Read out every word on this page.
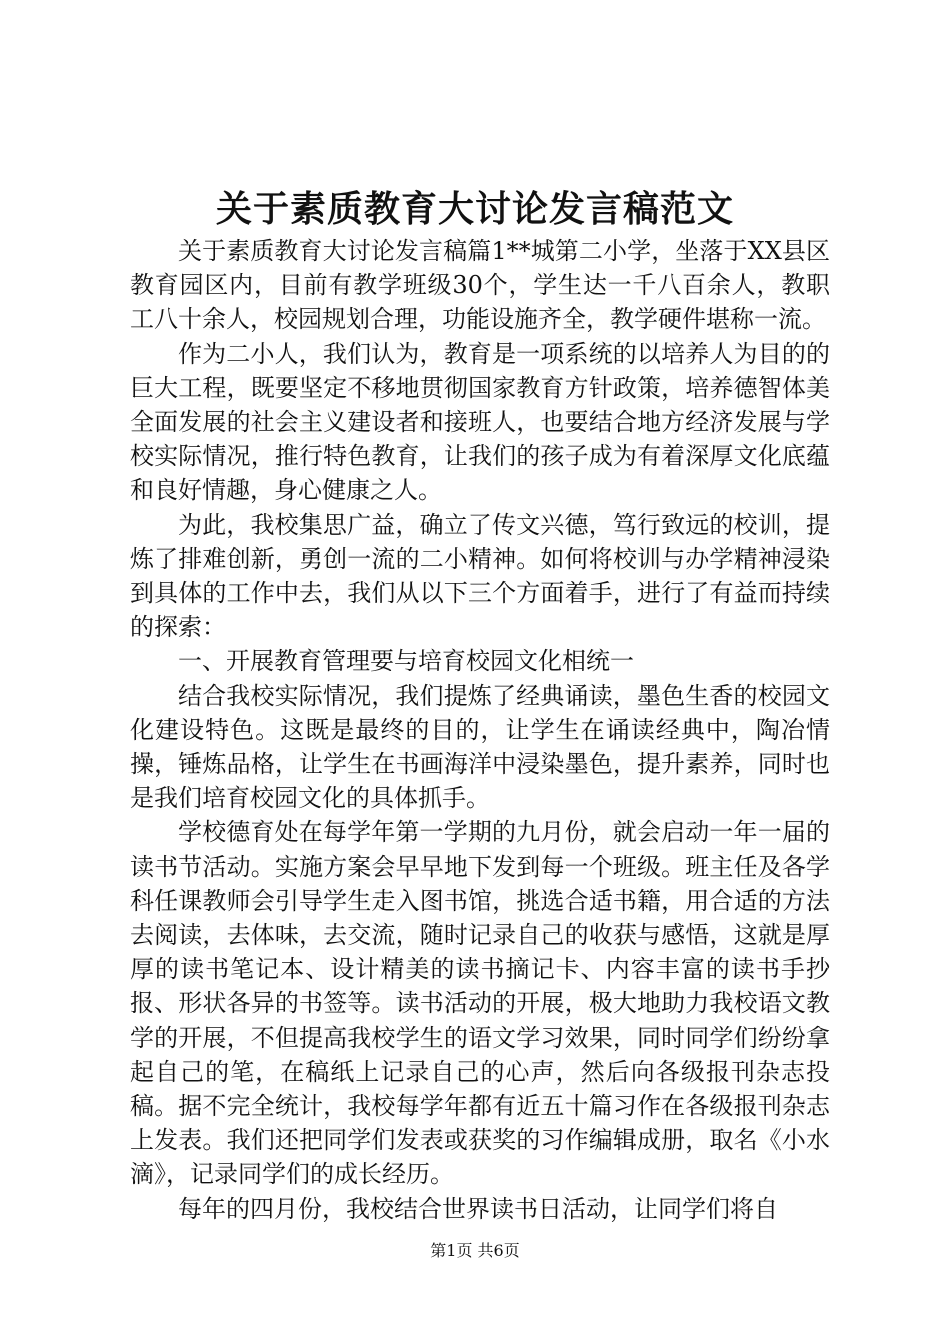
关于素质教育大讨论发言稿范文

关于素质教育大讨论发言稿篇1**城第二小学，坐落于XX县区教育园区内，目前有教学班级30个，学生达一千八百余人，教职工八十余人，校园规划合理，功能设施齐全，教学硬件堪称一流。

作为二小人，我们认为，教育是一项系统的以培养人为目的的巨大工程，既要坚定不移地贯彻国家教育方针政策，培养德智体美全面发展的社会主义建设者和接班人，也要结合地方经济发展与学校实际情况，推行特色教育，让我们的孩子成为有着深厚文化底蕴和良好情趣，身心健康之人。

为此，我校集思广益，确立了传文兴德，笃行致远的校训，提炼了排难创新，勇创一流的二小精神。如何将校训与办学精神浸染到具体的工作中去，我们从以下三个方面着手，进行了有益而持续的探索：

一、开展教育管理要与培育校园文化相统一

结合我校实际情况，我们提炼了经典诵读，墨色生香的校园文化建设特色。这既是最终的目的，让学生在诵读经典中，陶冶情操，锤炼品格，让学生在书画海洋中浸染墨色，提升素养，同时也是我们培育校园文化的具体抓手。

学校德育处在每学年第一学期的九月份，就会启动一年一届的读书节活动。实施方案会早早地下发到每一个班级。班主任及各学科任课教师会引导学生走入图书馆，挑选合适书籍，用合适的方法去阅读，去体味，去交流，随时记录自己的收获与感悟，这就是厚厚的读书笔记本、设计精美的读书摘记卡、内容丰富的读书手抄报、形状各异的书签等。读书活动的开展，极大地助力我校语文教学的开展，不但提高我校学生的语文学习效果，同时同学们纷纷拿起自己的笔，在稿纸上记录自己的心声，然后向各级报刊杂志投稿。据不完全统计，我校每学年都有近五十篇习作在各级报刊杂志上发表。我们还把同学们发表或获奖的习作编辑成册，取名《小水滴》，记录同学们的成长经历。

每年的四月份，我校结合世界读书日活动，让同学们将自

第1页 共6页
